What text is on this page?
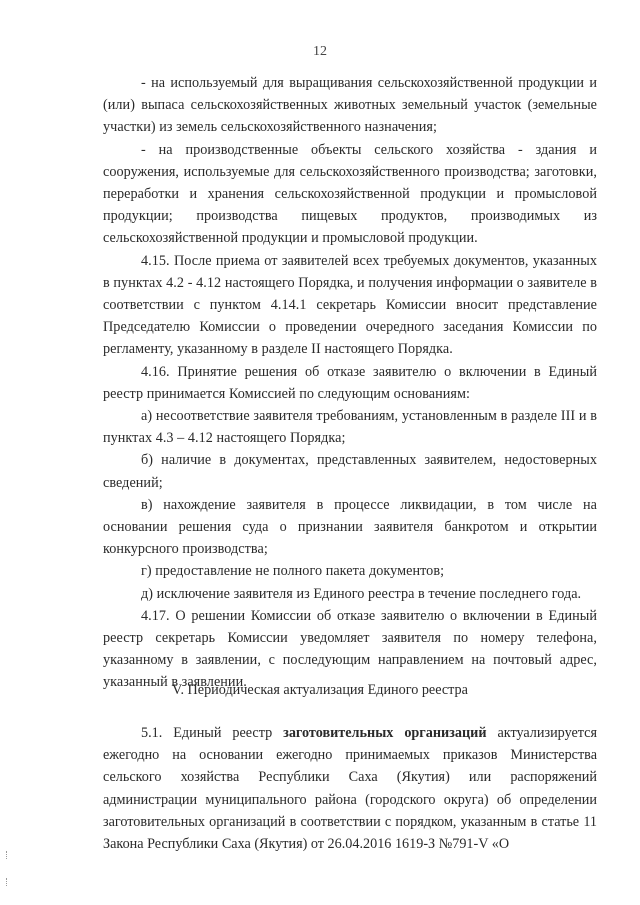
12

- на используемый для выращивания сельскохозяйственной продукции и (или) выпаса сельскохозяйственных животных земельный участок (земельные участки) из земель сельскохозяйственного назначения;

- на производственные объекты сельского хозяйства - здания и сооружения, используемые для сельскохозяйственного производства; заготовки, переработки и хранения сельскохозяйственной продукции и промысловой продукции; производства пищевых продуктов, производимых из сельскохозяйственной продукции и промысловой продукции.

4.15. После приема от заявителей всех требуемых документов, указанных в пунктах 4.2 - 4.12 настоящего Порядка, и получения информации о заявителе в соответствии с пунктом 4.14.1 секретарь Комиссии вносит представление Председателю Комиссии о проведении очередного заседания Комиссии по регламенту, указанному в разделе II настоящего Порядка.

4.16. Принятие решения об отказе заявителю о включении в Единый реестр принимается Комиссией по следующим основаниям:

а) несоответствие заявителя требованиям, установленным в разделе III и в пунктах 4.3 – 4.12 настоящего Порядка;

б) наличие в документах, представленных заявителем, недостоверных сведений;

в) нахождение заявителя в процессе ликвидации, в том числе на основании решения суда о признании заявителя банкротом и открытии конкурсного производства;

г) предоставление не полного пакета документов;

д) исключение заявителя из Единого реестра в течение последнего года.

4.17. О решении Комиссии об отказе заявителю о включении в Единый реестр секретарь Комиссии уведомляет заявителя по номеру телефона, указанному в заявлении, с последующим направлением на почтовый адрес, указанный в заявлении.

V. Периодическая актуализация Единого реестра

5.1. Единый реестр заготовительных организаций актуализируется ежегодно на основании ежегодно принимаемых приказов Министерства сельского хозяйства Республики Саха (Якутия) или распоряжений администрации муниципального района (городского округа) об определении заготовительных организаций в соответствии с порядком, указанным в статье 11 Закона Республики Саха (Якутия) от 26.04.2016 1619-З №791-V «О
